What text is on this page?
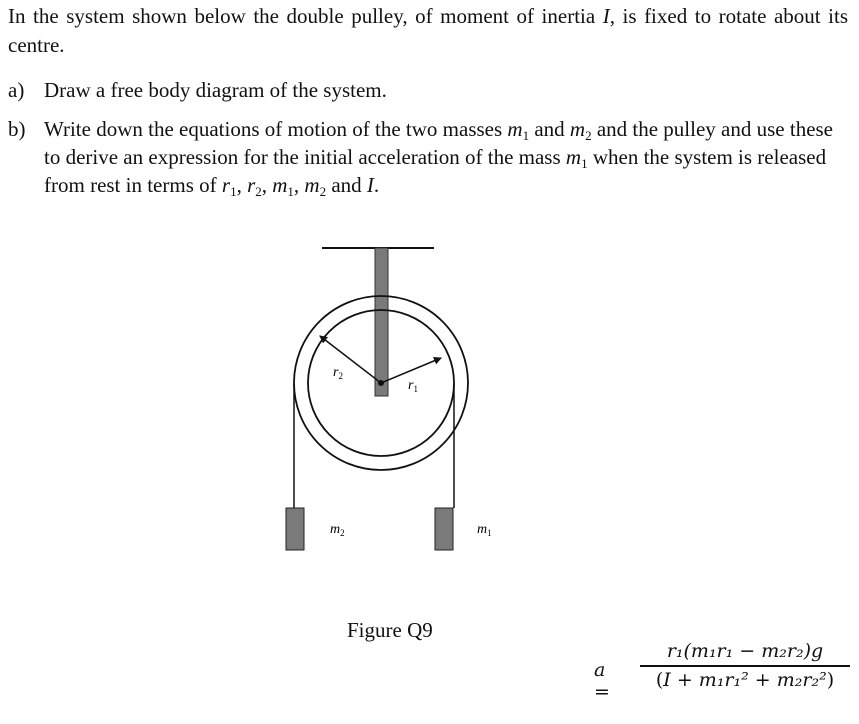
In the system shown below the double pulley, of moment of inertia I, is fixed to rotate about its centre.
a) Draw a free body diagram of the system.
b) Write down the equations of motion of the two masses $m_1$ and $m_2$ and the pulley and use these to derive an expression for the initial acceleration of the mass $m_1$ when the system is released from rest in terms of $r_1$, $r_2$, $m_1$, $m_2$ and I.
$r_2$
$r_1$
$m_2$	$m_1$
Figure Q9
a =
r₁(m₁r₁ − m₂r₂)g
(I + m₁r₁² + m₂r₂²)
